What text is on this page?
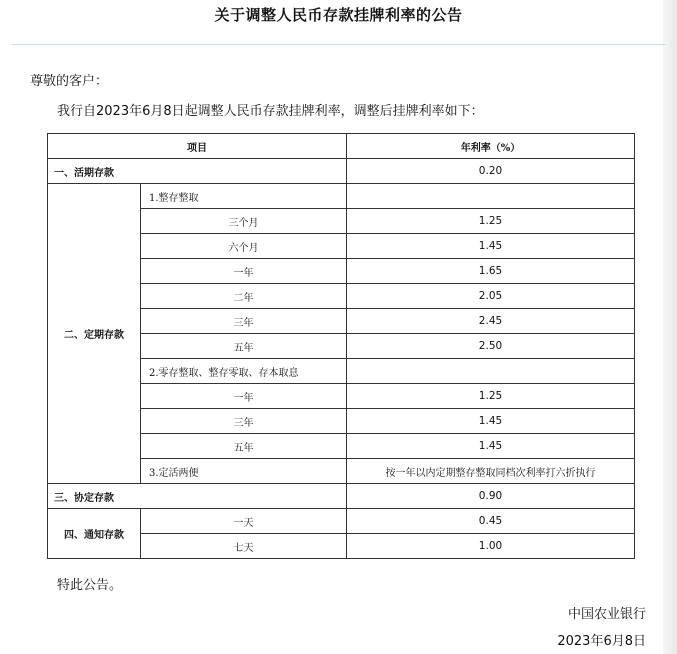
关于调整人民币存款挂牌利率的公告
尊敬的客户：
我行自2023年6月8日起调整人民币存款挂牌利率，调整后挂牌利率如下：
项目		年利率（%）
一、活期存款		0.20
二、定期存款	1.整存整取	
	三个月	1.25
	六个月	1.45
	一年	1.65
	二年	2.05
	三年	2.45
	五年	2.50
	2.零存整取、整存零取、存本取息	
	一年	1.25
	三年	1.45
	五年	1.45
	3.定活两便	按一年以内定期整存整取同档次利率打六折执行
三、协定存款		0.90
四、通知存款	一天	0.45
	七天	1.00
特此公告。
中国农业银行
2023年6月8日
